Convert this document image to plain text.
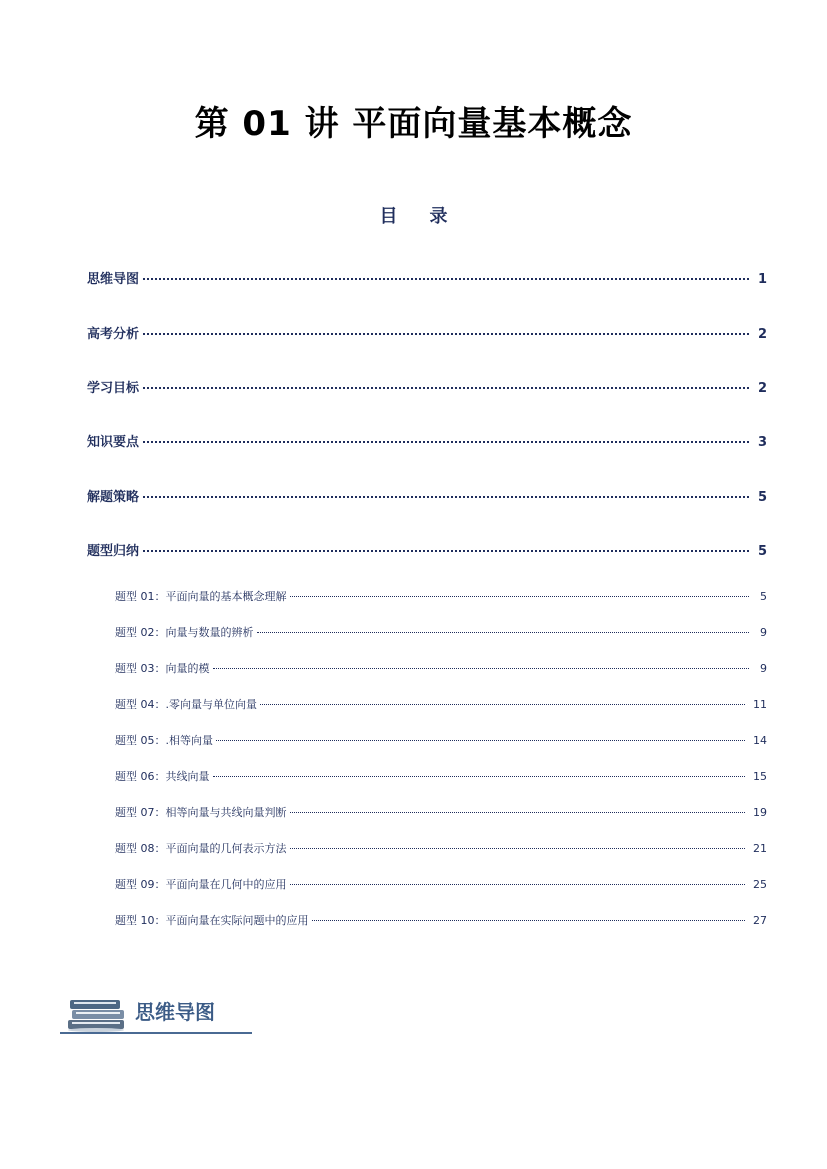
第 01 讲 平面向量基本概念
目 录
思维导图	1
高考分析	2
学习目标	2
知识要点	3
解题策略	5
题型归纳	5
题型 01：平面向量的基本概念理解	5
题型 02：向量与数量的辨析	9
题型 03：向量的模	9
题型 04：.零向量与单位向量	11
题型 05：.相等向量	14
题型 06：共线向量	15
题型 07：相等向量与共线向量判断	19
题型 08：平面向量的几何表示方法	21
题型 09：平面向量在几何中的应用	25
题型 10：平面向量在实际问题中的应用	27
思维导图
